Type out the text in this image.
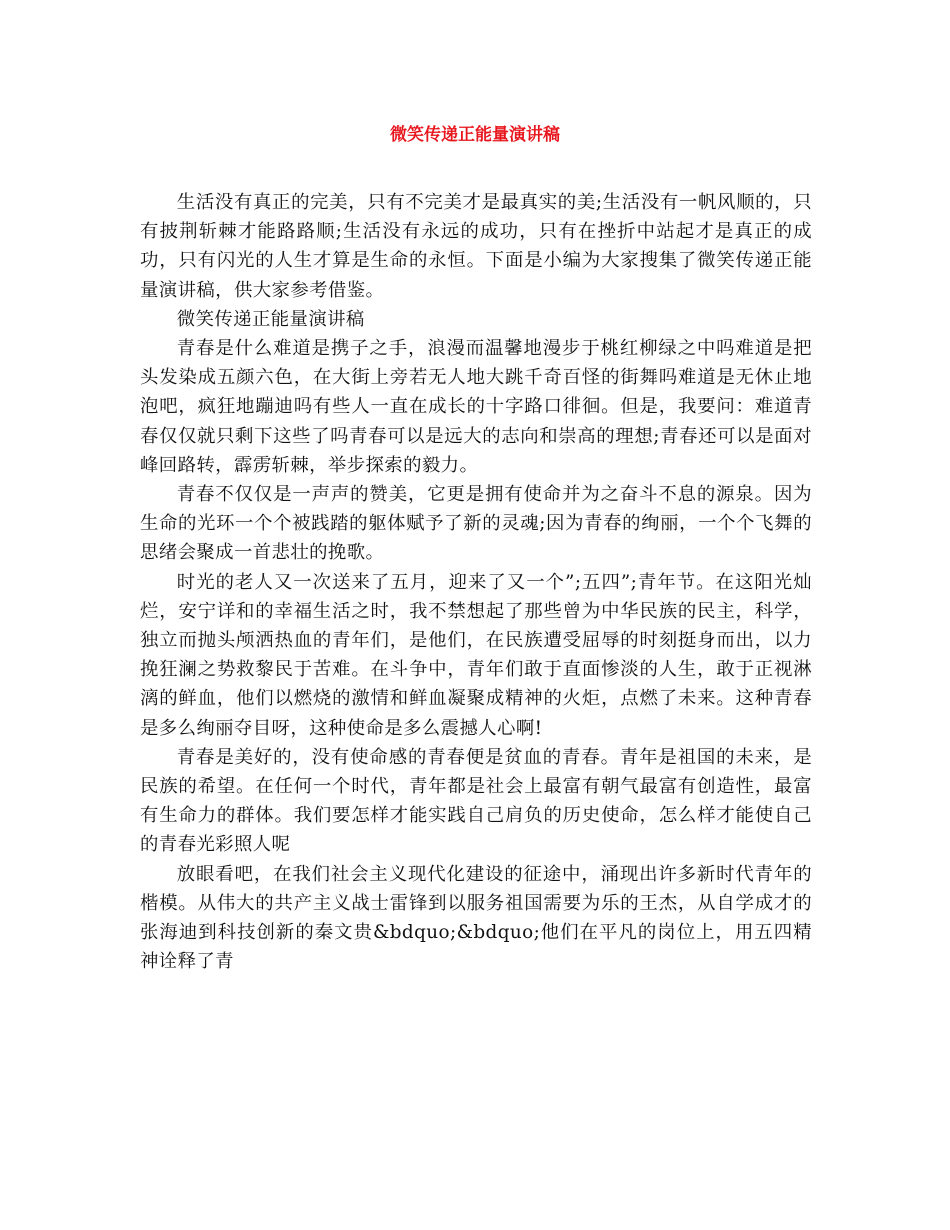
微笑传递正能量演讲稿

生活没有真正的完美，只有不完美才是最真实的美;生活没有一帆风顺的，只有披荆斩棘才能路路顺;生活没有永远的成功，只有在挫折中站起才是真正的成功，只有闪光的人生才算是生命的永恒。下面是小编为大家搜集了微笑传递正能量演讲稿，供大家参考借鉴。

微笑传递正能量演讲稿

青春是什么难道是携子之手，浪漫而温馨地漫步于桃红柳绿之中吗难道是把头发染成五颜六色，在大街上旁若无人地大跳千奇百怪的街舞吗难道是无休止地泡吧，疯狂地蹦迪吗有些人一直在成长的十字路口徘徊。但是，我要问：难道青春仅仅就只剩下这些了吗青春可以是远大的志向和崇高的理想;青春还可以是面对峰回路转，霹雳斩棘，举步探索的毅力。

青春不仅仅是一声声的赞美，它更是拥有使命并为之奋斗不息的源泉。因为生命的光环一个个被践踏的躯体赋予了新的灵魂;因为青春的绚丽，一个个飞舞的思绪会聚成一首悲壮的挽歌。

时光的老人又一次送来了五月，迎来了又一个”;五四”;青年节。在这阳光灿烂，安宁详和的幸福生活之时，我不禁想起了那些曾为中华民族的民主，科学，独立而抛头颅洒热血的青年们，是他们，在民族遭受屈辱的时刻挺身而出，以力挽狂澜之势救黎民于苦难。在斗争中，青年们敢于直面惨淡的人生，敢于正视淋漓的鲜血，他们以燃烧的激情和鲜血凝聚成精神的火炬，点燃了未来。这种青春是多么绚丽夺目呀，这种使命是多么震撼人心啊!

青春是美好的，没有使命感的青春便是贫血的青春。青年是祖国的未来，是民族的希望。在任何一个时代，青年都是社会上最富有朝气最富有创造性，最富有生命力的群体。我们要怎样才能实践自己肩负的历史使命，怎么样才能使自己的青春光彩照人呢

放眼看吧，在我们社会主义现代化建设的征途中，涌现出许多新时代青年的楷模。从伟大的共产主义战士雷锋到以服务祖国需要为乐的王杰，从自学成才的张海迪到科技创新的秦文贵&bdquo;&bdquo;他们在平凡的岗位上，用五四精神诠释了青
